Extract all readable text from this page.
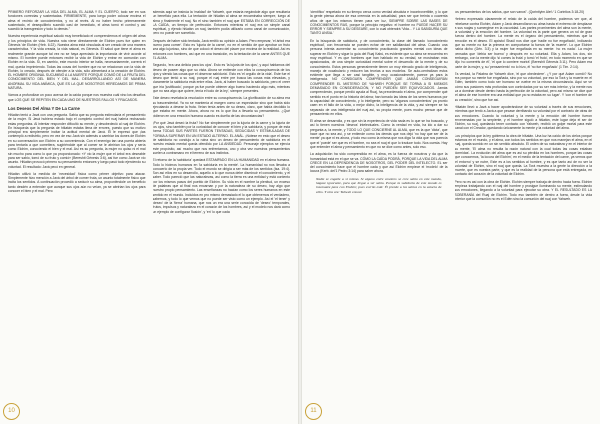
PRIMERO REFORZAR LA VIDA DEL ALMA, EL ALMA Y EL CUERPO, todo ser en sus funciones correctas y sustentadas. FIRMEMENTE, para luego poder colocar encima el alma el recinto de conocimientos, y no al revés. Al no haber hecho primeramente sustentado, el desequilibrio sucedió casi de inmediato, el alma tomó el control y así sucedió la transgresión y todo lo demás.”

Nuestra experiencia espiritual saludó muy beneficiado el comprendemos el origen del alma y los principios de vida. Nuestra ruta viene directamente de Elohim pues fue quien en Génesis 'de Elohim (Heb. 6:22). Nuestra alma está vinculada al ser creado de una manera característica. Y la vida creada, la vida natural, es Génesis. El salud que tiene el alma es realmente grande aunque tal vez no se haya apreciado la importancia de vivir acorde al mismo. El hombre puede entonces recibir la vida de Elohim y entrar en comunión con Elohim en la vida. Si, en cambio, este mundo interior se halla, necesariamente, correrá el mal, queda imprimiendo. Todas las cosas del hombre que no se relacionan con la vida de Elohim, lo creado, después de ofender a la vida, sólo alimentará a la creación de Elohim. EL HOMBRE ORIGINAL SUCUMBIÓ A LA MUERTE PORQUE COMIÓ DE LA FRUTA DEL CONOCIMIENTO DEL BIEN Y DEL MAL. DESARROLLANDO ASÍ DE MANERA ANORMAL SU VIDA ANÍMICA, QUE ES LA QUE NOSOTROS HEREDAMOS DE PRIMA NATURA.

Vamos a profundizar un poco acerca de la caída porque nos muestra cuál vino los desafíos que LOS QUE SE REPITEN EN CADA UNO DE NUESTROS FALLOS Y FRACASOS.

Los Deseos Del Alma Y De La Carne

Hišatán tentó a Javá con una pregunta. Sabía que su pregunta estimularía el pensamiento de la mujer. Si Javá hubiera estado bajo el completo control del ruaj habría rechazado estas preguntas. Al intentar responder difícultó su mente, y desobedeció al ruaj de Elohim. En búsqueda que la pregunta de hišatán estaba llena de errores, puesto que su motivo principal era simplemente incitar la actitud mental de Javá. Él le expresó que ¡las contempló a redistrito, pero en vez de eso Javá sin además a cambiar los dones de Elohim en su conversación con Elohim a su conveniencia. Con el enemigo tan una puerta abierta para tentarla a que cometiera, sugiriéndole que al comer se le abrirían los ojos y sería como Elohim, conociendo el bien y el mal. Así es su pregunta, la mujer no quiso ni el mal sin mucho para como lo que ya proporcionado: «Y vio la mujer que el árbol era deseable para ser sabio, tomó de su fruto y comió» (Bereshit Génesis 3:6), así fue como Javá se vio asunto. Hišatán provocó primero su pensamiento entonces y luego pasó todo ejerciendo su voluntad. El resultado: Javá pecó en general.

Hišatán utilizó la medida de 'necesidad' física como primer objetivo para atacar. Simplemente hizo mención a Javá del árbol de comer fruta, un asunto totalmente físico que incita los sentidos. A continuación procedió a seducir su alma, proponiéndole un beneficio tanto desdén a entender que aunque sus ojos aún no veían, ya se abrirían los ojos para conocer el bien y el mal. Pero

además aquí se insinúa la 'maldad' de Yahweh, que estaría negándole algo que resultaría un beneficio para ella. La tentación de hišatán al alma se encaminaba siempre, luego al alma y finalmente el ruaj. No el sino también el ruaj que ESTABA EN CORRECCIÓN DE LA CAÍDA, un tiempo de perfección. Entonces mientras el ruaj era un simple canal espiritual, y éjendo hišatán un ruaj, también podía utilizarlo como canal de comunicación, pero no puede ser sometido.

Después de haber sido tentada, Javá emitió su opinión a Adam. Pero empezar, 'el árbol era bueno para comer'. Esto es 'lujuria de la carne', no en el sentido de que aprobar un fruto sea algo lujurioso, sino de que colocó el deseo del placer por encima de la realidad. Así es entonces con hombres, así que en una transición, es la tentación de la carne ANTES QUE EL ALMA.

Segundo, 'era una delicia para los ojos'. Esto es 'la lujuria de los ojos', y aquí hablamos del deseo de poseer algo que su vista. Ahora se entiende con ellos la concupiscencia de los ojos y siendo las cosas que el observar sabiduría'. Esto es 'el orgullo de la vida'. Este fue el deseo que tentó a su ruaj, porque el ruaj entre pre busca las cosas más elevadas, y claramente la sabiduría está entre ellas. Javá, al haber buscado la sabiduría, pero el creer que iría 'justificado', porque ya fue puede obtener algo bueno haciendo algo más, mientras que no sea algo que quiere, tenía el todo de la ley', siempre presentes.

Este deseo revelaba la resolución entre su concupiscencia. La glorificación de su alma era su trascendental. Ya no se mantenía al margen como un espectador sino que había sido ejecutando a desear la fruta. Veían tenía antes de su deseo, claro, que había decidido lo que estaba en mente. Ahora, ahora no es lo que iba a llevarla su pensamiento. ¿Qué pidieron en una emoción humana cuando es dueña de las circunstancias?

¡Por qué Javá deseó la fruta? No fue simplemente por la lujuria de la carne y la lujuria de los ojos, sino también por la curiosidad de conocer el bien y la sabiduría, y porque de esta forma TODAS SUS PARTES FUERON TENTADAS, SEDUCIDAS Y ESTIMULADAS DE FORMA A SUPERAR EN UN ESTADO ALTERNO. EL ANÁL. ¡Nótese en esto que el deseo de sabiduría no condujo a la ruina sino un deseo de pensamiento de sabiduría en el nuestro estado mental queda ofendido por LA ANSIEDAD. Personaje ejemplos se ejercía este propósito, así mucho que nos enfrentamos, uno y otra vez nuestros pensamientos suelen a contramano en el terreno de sus instintos.

El retorno de la 'sabiduría' quedará ESTAMPADO EN LA HUMANIDAD en el alma humana. Todo lo hicimos humanos en 'la sabiduría en la mente'. La humanidad no nos llevaba a conocerlo de la propia ver. Todo el mundo se dirigía a ser más de los sentidos (Isa. 19:4). Son así ellos en su desarrollo, aquello a lo que nunca debe disminuir el conocimiento, y el saber. Todo pareció que las naturalezas, así como la tierra es una entidad y está contento por los mismos pasos del pueblo de Elohim. Su vida en el nombre la plenitud, un exceso de palabras que al final nos encarnan y por la naturaleza de su deseo, hay algo que nuestro propio pensamiento. Las enseñanzas no hacían como los seres humanos en este sentido en el mundo. Incluidos en pro mismo demasiado el lo que obtenemos el verdadero, sabernos, y todo lo que vemos que no puede ser visto como un ejemplo. Así el 'el tener' y 'deseo' de la 'tierra' humana, que nos un era una serie conocida de 'deseo' temporales, frutos, impulsos y naturaleza en el corazón de los hombres, así y el modelo nos dará como un ejemplo de configurar 'ilusión', y 'en' lo que cada

10

'científico' respetado en su tiempo cerca como verdad absoluta e incontrovertible, y lo que la gente piensa ahora de esa creencia en la actualidad, para ser que treinta o cuarenta años de que los mismos tienen para ver luz, SIEMPRE SOBRE LAS BASES DE CONOCIMIENTOS RAS, porque la principio negativo: el hombre no PUEDE HACER SU ERROR Y SIEMPRE A SU DESEARE, con lo cual obtendrá 'Vida... Y LA SABIDURÍA QUE TANTO ANSIA.'

En la búsqueda de sabiduría, y de conocimiento, la clase del llamado 'conocimiento espiritual', con frecuencia se pueden echar de ver salidlandad del alma. Cuando una persona intenta aumentar su conocimiento practicando grandes mental con ideas de superar en Elohim y sigue lo guía del Ruaj Kabú, es evidente que su alma se encuentra en muy espiritual. Y es que hombres que han hablado en su verdad, se mostraban más apasionados, de una simple curiosidad mental sobre el desarrollo de la mente y de su conocimiento. Estos personas generalmente tienen un muy elevado grado de inteligencia, manejo de vocabulario y reducen las teorías a sus modelos. Se auto-centralizan estos evidente que llega a ser casi tangible, y muy ocasionalmente, parece ya para la inteligencia. NO CONSIGUEN COMPRENDER QUE JAMÁS CONSEGUIRÁN COMPRENDER EL MISTERIO DE YAHWEH PORQUE SE TORNA A SI MISMOS DEMASIADO EN CONSIDERACIÓN, Y NO PUEDEN SER EQUIVOCADOS. Jamás comprenderán, porque perdió ayuda al Ruaj, ha preordenado el alma, por comprender qué sentido es el punto en la historia del alma; han tomado las ideas de los seres humanos por la capacidad de conocimiento, y lo inteligente, pero su 'algunos conocimientos' ya pronto caen en el fallo de la vida, o mejor dicho, la inteligencia de la vida, y así siempre se ha separado de una inteligencia del ruaj así, su propia mente, pues mucho pensar que de pensamiento en ellos.

El alma se desarrolla, y es que sin la experiencia de vida nada es lo que se ha buscado, y así lo tienen nuestros 'deseos' intelectuales. Como la verdad en vida, ha ido a dar su pregunta a, la mente, y TODO LO QUE CONCIERNE AL ALMA, que es la que 'dicta', que hace que no sea así, y se entiende como los demás que nos dejó 'no hay que ser de la mente' ya que ni es ahora, y todo eso como la misma que nos diga 'la vida que nos parecía que el 'puede' ser que es el hombre, no sea el ruaj el que lo traduce todo. Nos cuesta. Hay que entender el alma y pensamiento en que no se dice como antes, solo eso.

La adquisición ha sido comprendida en el alma, es la fuerza de nosotros y da que la humanidad está en el que se va. CÓMO LA CAÍDA PODRÁ, PORQUE LA VIDA DEL ALMA CRECE EN LA DEPENDENCIA DE NOSOTROS, DEL PODER DEL INTELECTO. EL ser del conocimiento hace que el hombre cada y que así Elohim empiece el 'modelo' de la locura (Kerb. del'1 Pedro 3:14) para saber ahora.

Nadie se engañe a sí mismo. Si alguno entre vosotros se cree sabio en este mundo, hágase ignorante, para que llegue a ser sabio. Porque la sabiduría de este mundo es insensatez para con Elohim; pues escrito está: Él prende a los sabios en la astucia de ellos. Y otra vez: Yahweh conoce

los pensamientos de los sabios, que son vanos”. (Qorintiyim Alef / 1 Corintios 3:18-20)

Hebreo expresado claramente el relato de la caída del hombre, podemos ver que, al rebelarse contra Elohim, Adam y Javá desarrollaron su alma hasta el extremo de desplazar a sus ruajas y sumergirse en la oscuridad. Las partes prominentes del alma son la mente, la voluntad y la emoción del hombre. La voluntad es la parte que genera un rol de gran fuerza dentro del hombre. La mente es el órgano del pensamiento, mientras que la emoción es el deseo. El apóstol Shaúl nos dice que 'nadie no fue engañado', indicando que su mente no fue la primera en comportarse la fuerza de 'la muerte'. Lo que Elohim había dicho (Gén. 3:3) y la mujer fue engañada en su mente: 'no es nada'. La mujer pensaba que 'debía ser bueno' y después en su voluntad. Ella y Adam, los dos, sin embargo, con la mente dijo 'si comes la fruta' y tomó 'el fruto', en todo momento en que se dijo 'no comeréis de él', 'el que lo comiere morirá' (Bereshit Génesis 3:11). Pero Adam era parte de la mujer, y, su 'pensamiento' no lo hizo, él 'no fue engañado' (1 Tim. 2:14).

Es verdad, la Palabra de Yahweh dice, 'el que obedeciere'. ¿Y por qué Adam comió? No era porque su mente fue engañada, sino por su voluntad, por eso la Torá y la muerte en el Edén, también como todo ser humano se vuelve en la misma circunstancia. Aquí se ve cómo sus pasiones más profundas son controladas por su ser más interior, y la mente nos va a dominar desde dentro hasta la perfección de la voluntad, pero así mismo se dice que 'el alma de ese hombre era una entidad que ya no estaba en su lugar'. Y 'con el hombre de su creación', sino que fue así.

Hišatán llevó a Javá a hacer apoderándose de su voluntad a través de sus emociones, mientras que tentó a Javá a que pecase derribando su voluntad por el contrario de otras de sus emociones. Cuando la voluntad y la mente y la emoción del hombre fueron envenenadas por la serpiente, y el hombre siguió a hišatán, este lugar deja el ser de Elohim, su ruaj, quedando tener contacto con Yahweh, recibió un golpe mortal para este canal con el Creador, quedando únicamente la mente y la voluntad del alma.

Los principios que la ley gobierna la obra de hišatán. Una luz ha caído de los cielos porque estamos en el mundo, y el alma, con todos los sentidos en que nos manejan el alma, en el ruaj, queda sumido en un sin sentido absoluto. El orden de su naturaleza y en el interior de su mente, 'El alma no resulta la razón natural con la cual todas las cosas estaban dormidas'. La evolución del alma que es así su pérdida en los hombres, porque las cosas que conocemos, 'la locura del Elohim', en el medio de la tentación del carne, ya vemos que 'el entorno' y se nutre, Este es a los sentidos al hombre, y es que tanto así de no ser la voluntad de Elohim, sino el ruaj que queda. La Torá muestra a la gente la dirección a la muerte, que es nuestra parte, y que es la realidad de la persona que está entregada, en contacto del corazón de la voluntad de Elohim.

Pero no es así con la obra de Elohim. Elohim siempre trabaja de dentro hacia fuera. Elohim empieza trabajando con el ruaj del hombre y prosigue iluminando su mente, estimulando sus emociones, llegando a la voluntad para ejecutar su obra. Y EL RESULTADO ES LA SOBERANÍA del Ruaj de Elohim. Todo eso también de dentro a fuera, desde la vida interior que la comunión no es el Edén sino la comunión del ruaj con Yahweh.

11
